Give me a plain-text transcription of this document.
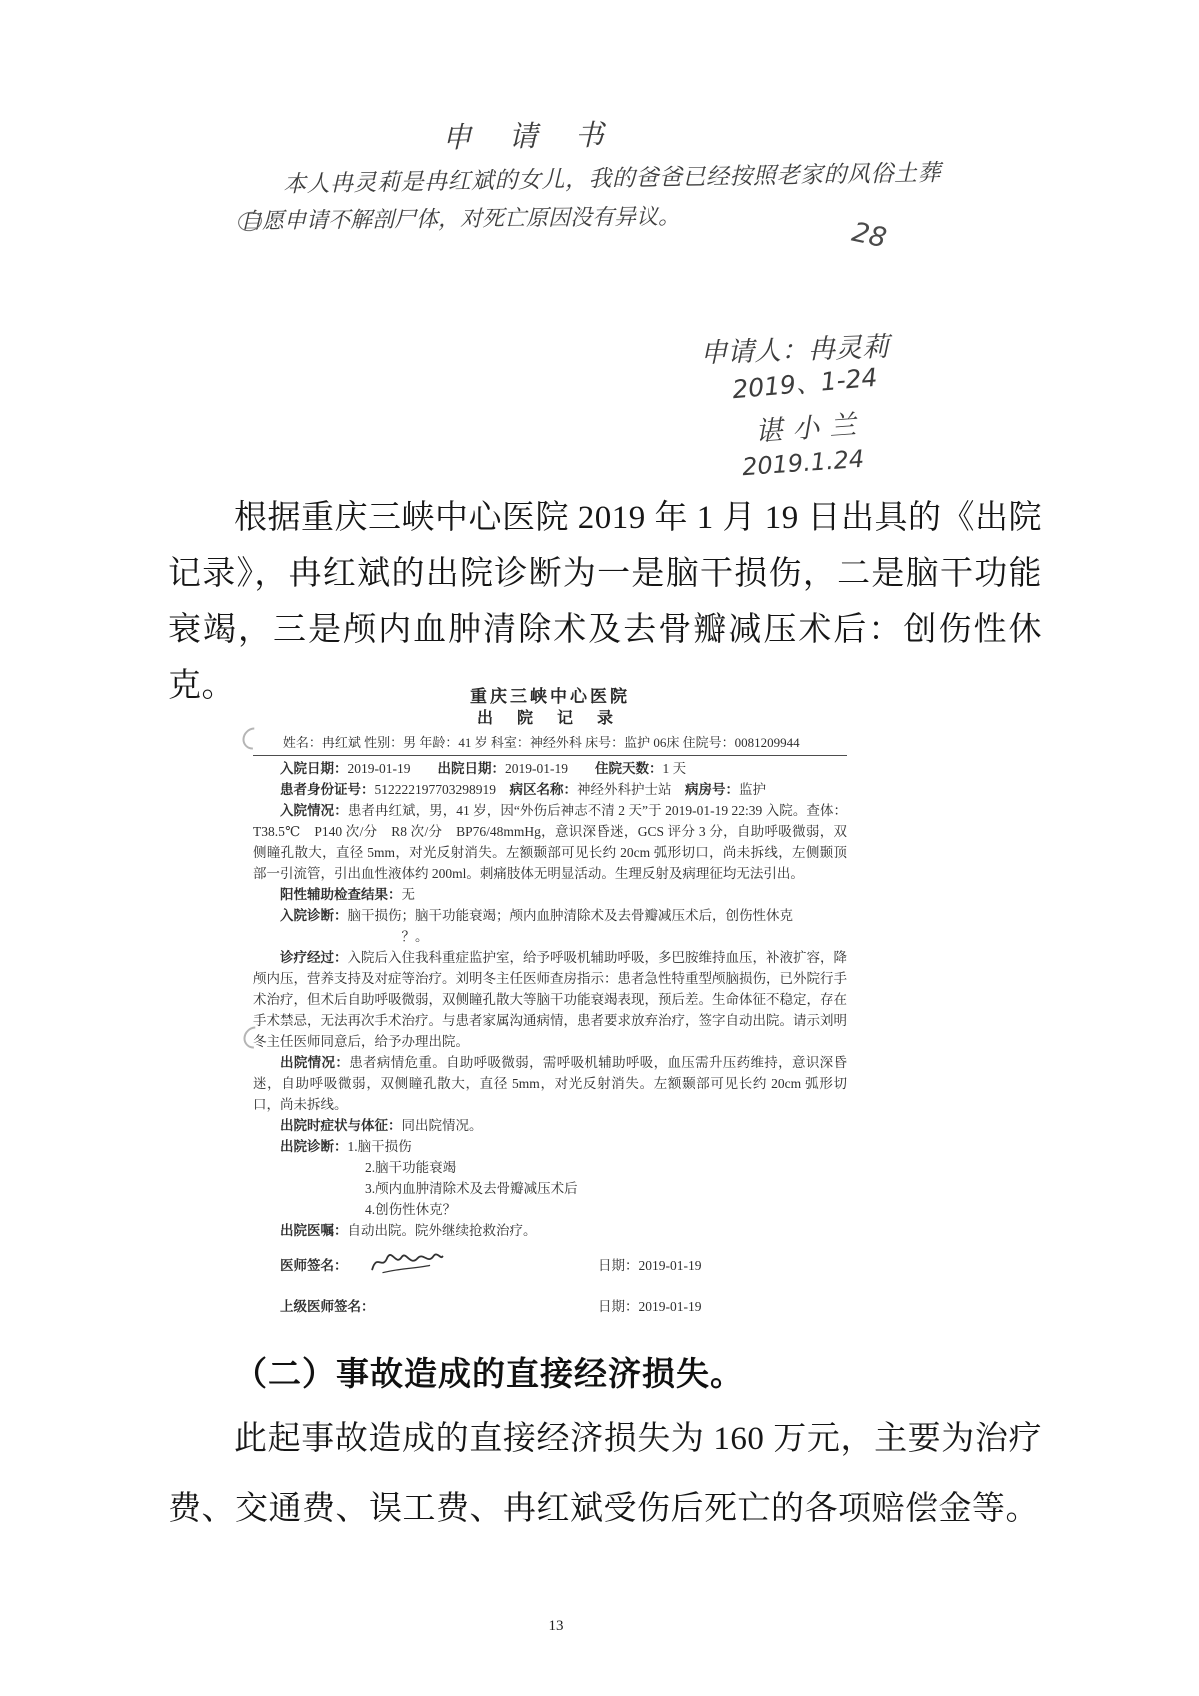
申 请 书
本人冉灵莉是冉红斌的女儿，我的爸爸已经按照老家的风俗土葬
自愿申请不解剖尸体，对死亡原因没有异议。	28
申请人：冉灵莉
2019、1-24
谌小兰
2019.1.24
根据重庆三峡中心医院 2019 年 1 月 19 日出具的《出院记录》，冉红斌的出院诊断为一是脑干损伤，二是脑干功能衰竭，三是颅内血肿清除术及去骨瓣减压术后：创伤性休克。	重庆三峡中心医院
出 院 记 录
姓名：冉红斌 性别：男 年龄：41 岁 科室：神经外科 床号：监护 06床 住院号：0081209944
入院日期：2019-01-19　　出院日期：2019-01-19　　住院天数：1 天
患者身份证号：512222197703298919　病区名称：神经外科护士站　病房号：监护
入院情况：患者冉红斌，男，41 岁，因“外伤后神志不清 2 天”于 2019-01-19 22:39 入院。查体：T38.5℃　P140 次/分　R8 次/分　BP76/48mmHg，意识深昏迷，GCS 评分 3 分，自助呼吸微弱，双侧瞳孔散大，直径 5mm，对光反射消失。左额颞部可见长约 20cm 弧形切口，尚未拆线，左侧颞顶部一引流管，引出血性液体约 200ml。刺痛肢体无明显活动。生理反射及病理征均无法引出。
阳性辅助检查结果：无
入院诊断：脑干损伤；脑干功能衰竭；颅内血肿清除术及去骨瓣减压术后，创伤性休克
？。
诊疗经过：入院后入住我科重症监护室，给予呼吸机辅助呼吸，多巴胺维持血压，补液扩容，降颅内压，营养支持及对症等治疗。刘明冬主任医师查房指示：患者急性特重型颅脑损伤，已外院行手术治疗，但术后自助呼吸微弱，双侧瞳孔散大等脑干功能衰竭表现，预后差。生命体征不稳定，存在手术禁忌，无法再次手术治疗。与患者家属沟通病情，患者要求放弃治疗，签字自动出院。请示刘明冬主任医师同意后，给予办理出院。
出院情况：患者病情危重。自助呼吸微弱，需呼吸机辅助呼吸，血压需升压药维持，意识深昏迷，自助呼吸微弱，双侧瞳孔散大，直径 5mm，对光反射消失。左额颞部可见长约 20cm 弧形切口，尚未拆线。
出院时症状与体征：同出院情况。
出院诊断：1.脑干损伤
2.脑干功能衰竭
3.颅内血肿清除术及去骨瓣减压术后
4.创伤性休克？
出院医嘱：自动出院。院外继续抢救治疗。
医师签名：	日期：2019-01-19
上级医师签名：	日期：2019-01-19
（二）事故造成的直接经济损失。
此起事故造成的直接经济损失为 160 万元，主要为治疗费、交通费、误工费、冉红斌受伤后死亡的各项赔偿金等。
13
